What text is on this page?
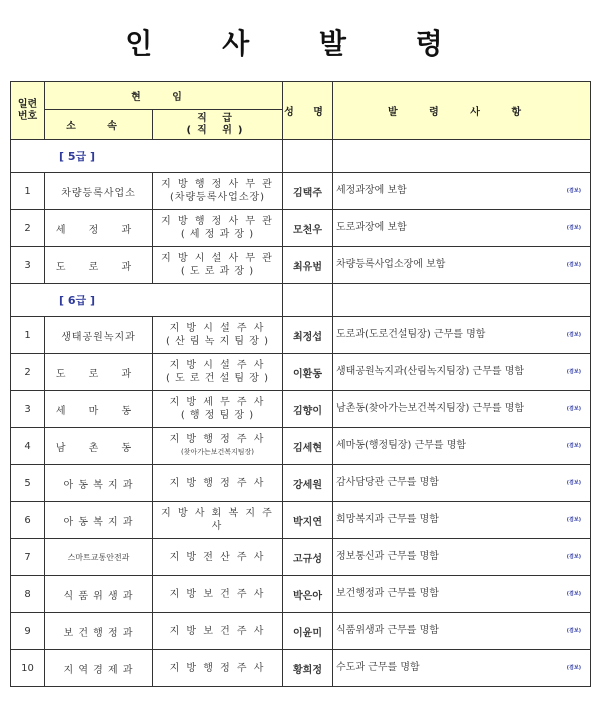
인 사 발 령
일련
번호	현 임		성 명	발 령 사 항
	소 속	직 급
(직 위)		

[ 5급 ]				
1	차량등록사업소	지 방 행 정 사 무 관
(차량등록사업소장)	김택주	세정과장에 보함 (겸보)

2	세 정 과	지 방 행 정 사 무 관
( 세 정 과 장 )	모천우	도로과장에 보함 (겸보)

3	도 로 과	지 방 시 설 사 무 관
( 도 로 과 장 )	최유범	차량등록사업소장에 보함 (겸보)

[ 6급 ]				
1	생태공원녹지과	지 방 시 설 주 사
( 산 림 녹 지 팀 장 )	최정섭	도로과(도로건설팀장) 근무를 명함 (겸보)

2	도 로 과	지 방 시 설 주 사
( 도 로 건 설 팀 장 )	이환동	생태공원녹지과(산림녹지팀장) 근무를 명함 (겸보)

3	세 마 동	지 방 세 무 주 사
( 행 정 팀 장 )	김향이	남촌동(찾아가는보건복지팀장) 근무를 명함 (겸보)

4	남 촌 동	지 방 행 정 주 사
(찾아가는보건복지팀장)	김세현	세마동(행정팀장) 근무를 명함 (겸보)

5	아 동 복 지 과	지 방 행 정 주 사	강세원	감사담당관 근무를 명함 (겸보)

6	아 동 복 지 과	지 방 사 회 복 지 주 사	박지연	희망복지과 근무를 명함 (겸보)

7	스마트교통안전과	지 방 전 산 주 사	고규성	정보통신과 근무를 명함 (겸보)

8	식 품 위 생 과	지 방 보 건 주 사	박은아	보건행정과 근무를 명함 (겸보)

9	보 건 행 정 과	지 방 보 건 주 사	이윤미	식품위생과 근무를 명함 (겸보)

10	지 역 경 제 과	지 방 행 정 주 사	황희정	수도과 근무를 명함 (겸보)
